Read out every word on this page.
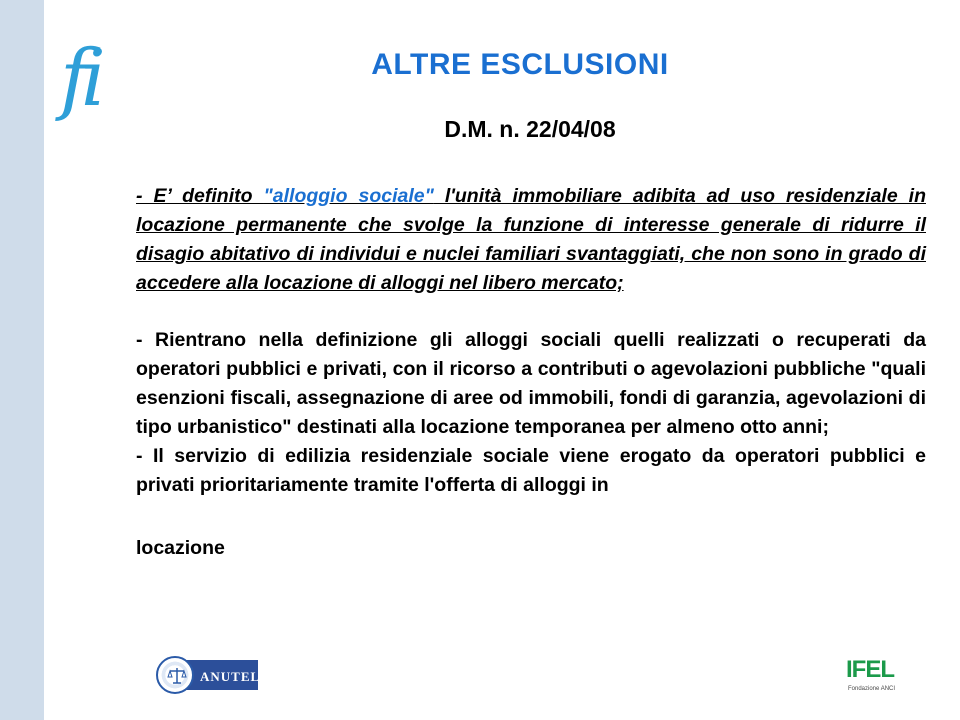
fi	ALTRE ESCLUSIONI
D.M. n. 22/04/08
- E’ definito "alloggio sociale" l'unità immobiliare adibita ad uso residenziale in locazione permanente che svolge la funzione di interesse generale di ridurre il disagio abitativo di individui e nuclei familiari svantaggiati, che non sono in grado di accedere alla locazione di alloggi nel libero mercato;
- Rientrano nella definizione gli alloggi sociali quelli realizzati o recuperati da operatori pubblici e privati, con il ricorso a contributi o agevolazioni pubbliche "quali esenzioni fiscali, assegnazione di aree od immobili, fondi di garanzia, agevolazioni di tipo urbanistico" destinati alla locazione temporanea per almeno otto anni;
- Il servizio di edilizia residenziale sociale viene erogato da operatori pubblici e privati prioritariamente tramite l'offerta di alloggi in
locazione
ANUTEL	IFEL
Fondazione ANCI
